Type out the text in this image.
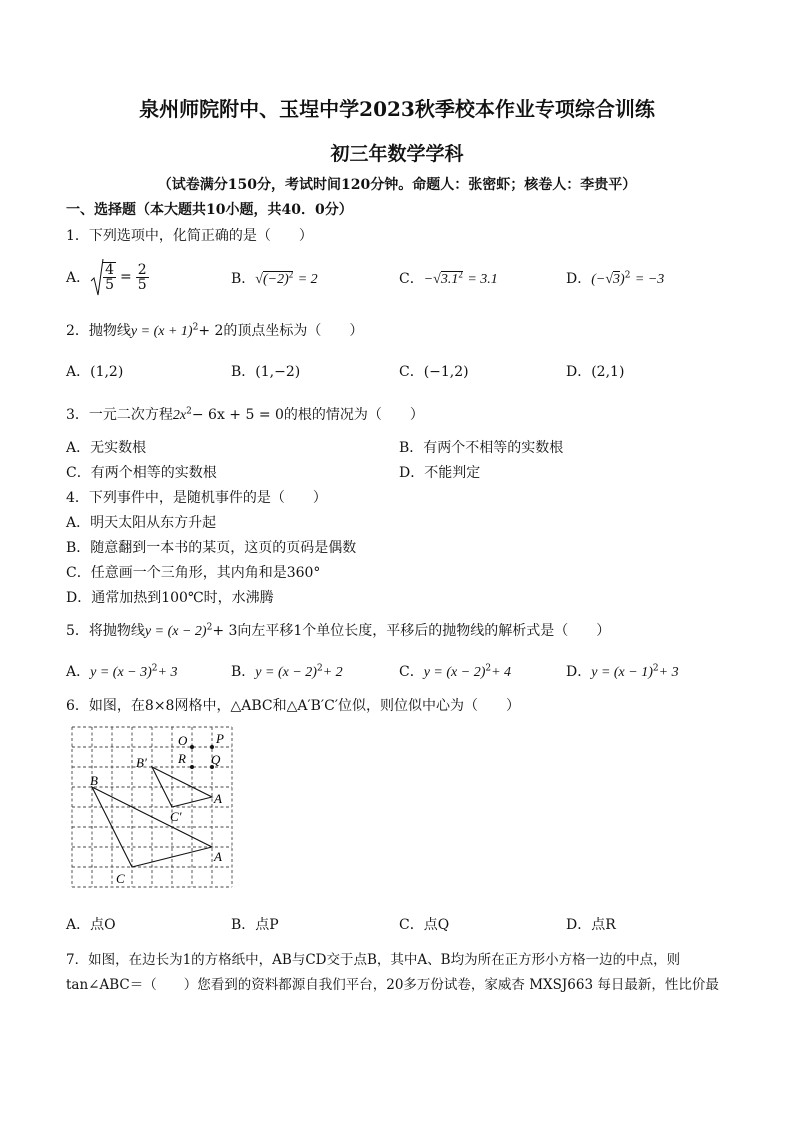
泉州师院附中、玉埕中学2023秋季校本作业专项综合训练
初三年数学学科
（试卷满分150分，考试时间120分钟。命题人：张密虾；核卷人：李贵平）
一、选择题（本大题共10小题，共40．0分）
1．下列选项中，化简正确的是（　　）
A． $\frac{4}{5} = \frac{2}{5}$	B．$√(-2)^2 = 2$	C．$-√3.1^2 = 3.1$	D．$(-√3)^2 = -3$
2．抛物线$y = (x + 1)^2+ 2$的顶点坐标为（　　）
A．(1,2)	B．(1,−2)	C．(−1,2)	D．(2,1)
3．一元二次方程$2x^2- 6x + 5 = 0$的根的情况为（　　）
A．无实数根	B．有两个不相等的实数根
C．有两个相等的实数根	D．不能判定
4．下列事件中，是随机事件的是（　　）
A．明天太阳从东方升起
B．随意翻到一本书的某页，这页的页码是偶数
C．任意画一个三角形，其内角和是360°
D．通常加热到100℃时，水沸腾
5．将抛物线$y = (x - 2)^2+ 3$向左平移1个单位长度，平移后的抛物线的解析式是（　　）
A．$y = (x - 3)^2+ 3$	B．$y = (x - 2)^2+ 2$	C．$y = (x - 2)^2+ 4$	D．$y = (x - 1)^2+ 3$
6．如图，在8×8网格中，△ABC和△A′B′C′位似，则位似中心为（　　）
O P
R Q
B′
C′
A
B
C
A
A．点O	B．点P	C．点Q	D．点R
7．如图，在边长为1的方格纸中，AB与CD交于点B，其中A、B均为所在正方形小方格一边的中点，则
tan∠ABC＝（　　）您看到的资料都源自我们平台，20多万份试卷，家威杏 MXSJ663 每日最新，性比价最
